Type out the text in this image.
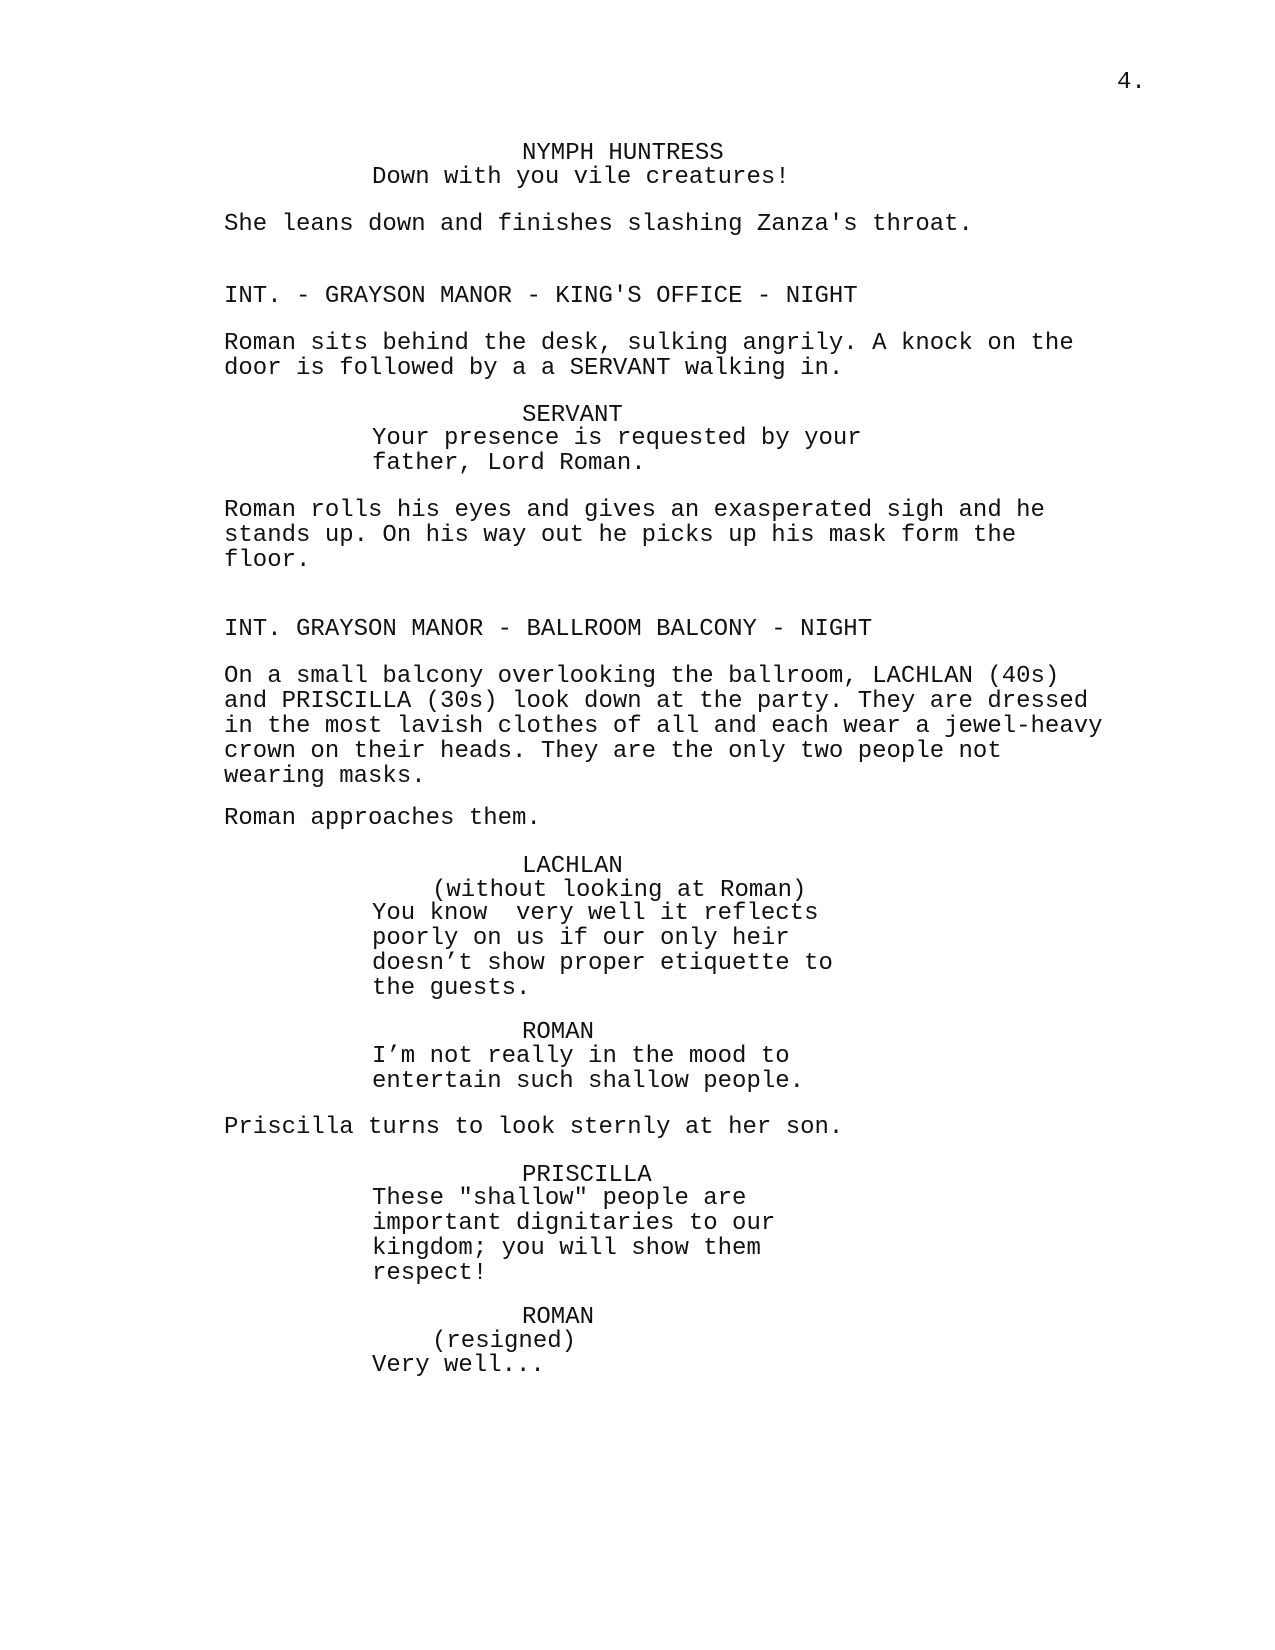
4.
NYMPH HUNTRESS
Down with you vile creatures!
She leans down and finishes slashing Zanza's throat.
INT. - GRAYSON MANOR - KING'S OFFICE - NIGHT
Roman sits behind the desk, sulking angrily. A knock on the
door is followed by a a SERVANT walking in.
SERVANT
Your presence is requested by your
father, Lord Roman.
Roman rolls his eyes and gives an exasperated sigh and he
stands up. On his way out he picks up his mask form the
floor.
INT. GRAYSON MANOR - BALLROOM BALCONY - NIGHT
On a small balcony overlooking the ballroom, LACHLAN (40s)
and PRISCILLA (30s) look down at the party. They are dressed
in the most lavish clothes of all and each wear a jewel-heavy
crown on their heads. They are the only two people not
wearing masks.
Roman approaches them.
LACHLAN
(without looking at Roman)
You know  very well it reflects
poorly on us if our only heir
doesn’t show proper etiquette to
the guests.
ROMAN
I’m not really in the mood to
entertain such shallow people.
Priscilla turns to look sternly at her son.
PRISCILLA
These "shallow" people are
important dignitaries to our
kingdom; you will show them
respect!
ROMAN
(resigned)
Very well...
